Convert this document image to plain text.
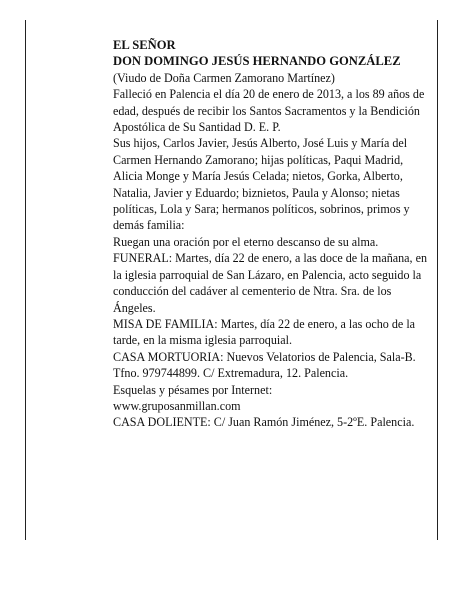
EL SEÑOR

DON DOMINGO JESÚS HERNANDO GONZÁLEZ

(Viudo de Doña Carmen Zamorano Martínez)

Falleció en Palencia el día 20 de enero de 2013, a los 89 años de edad, después de recibir los Santos Sacramentos y la Bendición Apostólica de Su Santidad D. E. P.

Sus hijos, Carlos Javier, Jesús Alberto, José Luis y María del Carmen Hernando Zamorano; hijas políticas, Paqui Madrid, Alicia Monge y María Jesús Celada; nietos, Gorka, Alberto, Natalia, Javier y Eduardo; biznietos, Paula y Alonso; nietas políticas, Lola y Sara; hermanos políticos, sobrinos, primos y demás familia:

Ruegan una oración por el eterno descanso de su alma.

FUNERAL: Martes, día 22 de enero, a las doce de la mañana, en la iglesia parroquial de San Lázaro, en Palencia, acto seguido la conducción del cadáver al cementerio de Ntra. Sra. de los Ángeles.

MISA DE FAMILIA: Martes, día 22 de enero, a las ocho de la tarde, en la misma iglesia parroquial.

CASA MORTUORIA: Nuevos Velatorios de Palencia, Sala-B. Tfno. 979744899. C/ Extremadura, 12. Palencia.

Esquelas y pésames por Internet:

www.gruposanmillan.com

CASA DOLIENTE: C/ Juan Ramón Jiménez, 5-2ºE. Palencia.
